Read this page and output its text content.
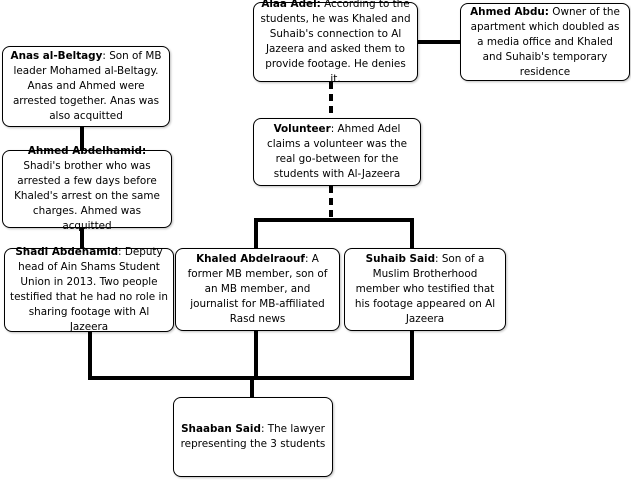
Alaa Adel: According to the students, he was Khaled and Suhaib's connection to Al Jazeera and asked them to provide footage. He denies it.
Ahmed Abdu: Owner of the apartment which doubled as a media office and Khaled and Suhaib's temporary residence
Anas al-Beltagy: Son of MB leader Mohamed al-Beltagy. Anas and Ahmed were arrested together. Anas was also acquitted
Volunteer: Ahmed Adel claims a volunteer was the real go-between for the students with Al-Jazeera
Ahmed Abdelhamid: Shadi's brother who was arrested a few days before Khaled's arrest on the same charges. Ahmed was acquitted
Shadi Abdehamid: Deputy head of Ain Shams Student Union in 2013. Two people testified that he had no role in sharing footage with Al Jazeera
Khaled Abdelraouf: A former MB member, son of an MB member, and journalist for MB-affiliated Rasd news
Suhaib Said: Son of a Muslim Brotherhood member who testified that his footage appeared on Al Jazeera
Shaaban Said: The lawyer representing the 3 students
